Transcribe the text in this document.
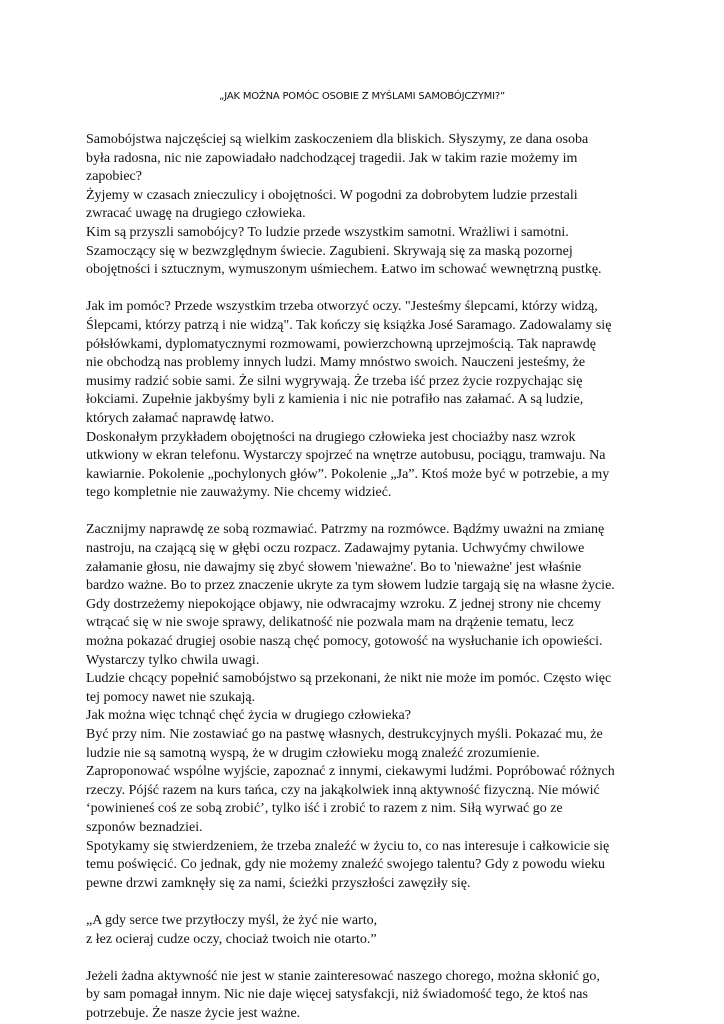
„JAK MOŻNA POMÓC OSOBIE Z MYŚLAMI SAMOBÓJCZYMI?”
Samobójstwa najczęściej są wielkim zaskoczeniem dla bliskich. Słyszymy, ze dana osoba
była radosna, nic nie zapowiadało nadchodzącej tragedii. Jak w takim razie możemy im
zapobiec?
Żyjemy w czasach znieczulicy i obojętności. W pogodni za dobrobytem ludzie przestali
zwracać uwagę na drugiego człowieka.
Kim są przyszli samobójcy? To ludzie przede wszystkim samotni. Wrażliwi i samotni.
Szamoczący się w bezwzględnym świecie. Zagubieni. Skrywają się za maską pozornej
obojętności i sztucznym, wymuszonym uśmiechem. Łatwo im schować wewnętrzną pustkę.
Jak im pomóc? Przede wszystkim trzeba otworzyć oczy. "Jesteśmy ślepcami, którzy widzą,
Ślepcami, którzy patrzą i nie widzą". Tak kończy się książka José Saramago. Zadowalamy się
półsłówkami, dyplomatycznymi rozmowami, powierzchowną uprzejmością. Tak naprawdę
nie obchodzą nas problemy innych ludzi. Mamy mnóstwo swoich. Nauczeni jesteśmy, że
musimy radzić sobie sami. Że silni wygrywają. Że trzeba iść przez życie rozpychając się
łokciami. Zupełnie jakbyśmy byli z kamienia i nic nie potrafiło nas załamać. A są ludzie,
których załamać naprawdę łatwo.
Doskonałym przykładem obojętności na drugiego człowieka jest chociażby nasz wzrok
utkwiony w ekran telefonu. Wystarczy spojrzeć na wnętrze autobusu, pociągu, tramwaju. Na
kawiarnie. Pokolenie „pochylonych głów”. Pokolenie „Ja”. Ktoś może być w potrzebie, a my
tego kompletnie nie zauważymy. Nie chcemy widzieć.
Zacznijmy naprawdę ze sobą rozmawiać. Patrzmy na rozmówce. Bądźmy uważni na zmianę
nastroju, na czającą się w głębi oczu rozpacz. Zadawajmy pytania. Uchwyćmy chwilowe
załamanie głosu, nie dawajmy się zbyć słowem 'nieważne'. Bo to 'nieważne' jest właśnie
bardzo ważne. Bo to przez znaczenie ukryte za tym słowem ludzie targają się na własne życie.
Gdy dostrzeżemy niepokojące objawy, nie odwracajmy wzroku. Z jednej strony nie chcemy
wtrącać się w nie swoje sprawy, delikatność nie pozwala mam na drążenie tematu, lecz
można pokazać drugiej osobie naszą chęć pomocy, gotowość na wysłuchanie ich opowieści.
Wystarczy tylko chwila uwagi.
Ludzie chcący popełnić samobójstwo są przekonani, że nikt nie może im pomóc. Często więc
tej pomocy nawet nie szukają.
Jak można więc tchnąć chęć życia w drugiego człowieka?
Być przy nim. Nie zostawiać go na pastwę własnych, destrukcyjnych myśli. Pokazać mu, że
ludzie nie są samotną wyspą, że w drugim człowieku mogą znaleźć zrozumienie.
Zaproponować wspólne wyjście, zapoznać z innymi, ciekawymi ludźmi. Popróbować różnych
rzeczy. Pójść razem na kurs tańca, czy na jakąkolwiek inną aktywność fizyczną. Nie mówić
‘powinieneś coś ze sobą zrobić’, tylko iść i zrobić to razem z nim. Siłą wyrwać go ze
szponów beznadziei.
Spotykamy się stwierdzeniem, że trzeba znaleźć w życiu to, co nas interesuje i całkowicie się
temu poświęcić. Co jednak, gdy nie możemy znaleźć swojego talentu? Gdy z powodu wieku
pewne drzwi zamknęły się za nami, ścieżki przyszłości zawęziły się.
„A gdy serce twe przytłoczy myśl, że żyć nie warto,
z łez ocieraj cudze oczy, chociaż twoich nie otarto.”
Jeżeli żadna aktywność nie jest w stanie zainteresować naszego chorego, można skłonić go,
by sam pomagał innym. Nic nie daje więcej satysfakcji, niż świadomość tego, że ktoś nas
potrzebuje. Że nasze życie jest ważne.
